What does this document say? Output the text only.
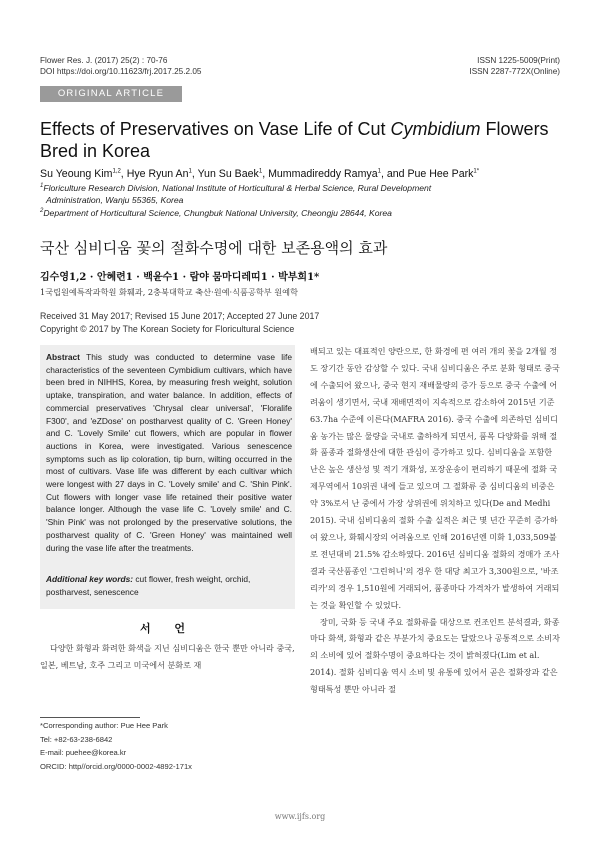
Flower Res. J. (2017) 25(2) : 70-76
DOI https://doi.org/10.11623/frj.2017.25.2.05
ISSN 1225-5009(Print)
ISSN 2287-772X(Online)
ORIGINAL ARTICLE
Effects of Preservatives on Vase Life of Cut Cymbidium Flowers Bred in Korea
Su Yeoung Kim$^{1,2}$, Hye Ryun An$^1$, Yun Su Baek$^1$, Mummadireddy Ramya$^1$, and Pue Hee Park$^{1*}$
$^1$Floriculture Research Division, National Institute of Horticultural & Herbal Science, Rural Development
Administration, Wanju 55365, Korea
$^2$Department of Horticultural Science, Chungbuk National University, Cheongju 28644, Korea
국산 심비디움 꽃의 절화수명에 대한 보존용액의 효과
김수영1,2 · 안혜련1 · 백윤수1 · 람야 뭄마디레띠1 · 박부희1*
1국립원예특작과학원 화훼과, 2충북대학교 축산·원예·식품공학부 원예학
Received 31 May 2017; Revised 15 June 2017; Accepted 27 June 2017
Copyright © 2017 by The Korean Society for Floricultural Science
Abstract This study was conducted to determine vase life characteristics of the seventeen Cymbidium cultivars, which have been bred in NIHHS, Korea, by measuring fresh weight, solution uptake, transpiration, and water balance. In addition, effects of commercial preservatives 'Chrysal clear universal', 'Floralife F300', and 'eZDose' on postharvest quality of C. 'Green Honey' and C. 'Lovely Smile' cut flowers, which are popular in flower auctions in Korea, were investigated. Various senescence symptoms such as lip coloration, tip burn, wilting occurred in the most of cultivars. Vase life was different by each cultivar which were longest with 27 days in C. 'Lovely smile' and C. 'Shin Pink'. Cut flowers with longer vase life retained their positive water balance longer. Although the vase life C. 'Lovely smile' and C. 'Shin Pink' was not prolonged by the preservative solutions, the postharvest quality of C. 'Green Honey' was maintained well during the vase life after the treatments.
Additional key words: cut flower, fresh weight, orchid, postharvest, senescence
서 언
다양한 화형과 화려한 화색을 지닌 심비디움은 한국 뿐만 아니라 중국, 일본, 베트남, 호주 그리고 미국에서 분화로 재
배되고 있는 대표적인 양란으로, 한 화경에 편 여러 개의 꽃을 2개월 정도 장기간 동안 감상할 수 있다. 국내 심비디움은 주로 분화 형태로 중국에 수출되어 왔으나, 중국 현지 재배물량의 증가 등으로 중국 수출에 어려움이 생기면서, 국내 재배면적이 지속적으로 감소하여 2015년 기준 63.7ha 수준에 이른다(MAFRA 2016). 중국 수출에 의존하던 심비디움 농가는 많은 물량을 국내로 출하하게 되면서, 품목 다양화를 위해 절화 품종과 절화생산에 대한 관심이 증가하고 있다. 심비디움을 포함한 난은 높은 생산성 및 적기 개화성, 포장운송이 편리하기 때문에 절화 국제무역에서 10위권 내에 들고 있으며 그 절화류 중 심비디움의 비중은 약 3%로서 난 중에서 가장 상위권에 위치하고 있다(De and Medhi 2015). 국내 심비디움의 절화 수출 실적은 최근 몇 년간 꾸준히 증가하여 왔으나, 화훼시장의 어려움으로 인해 2016년엔 미화 1,033,509불로 전년대비 21.5% 감소하였다. 2016년 심비디움 절화의 경매가 조사 결과 국산품종인 '그린허니'의 경우 한 대당 최고가 3,300원으로, '바조리카'의 경우 1,510원에 거래되어, 품종마다 가격차가 발생하여 거래되는 것을 확인할 수 있었다.
장미, 국화 등 국내 주요 절화류를 대상으로 컨조인트 분석결과, 화종마다 화색, 화형과 같은 부분가치 중요도는 달랐으나 공통적으로 소비자의 소비에 있어 절화수명이 중요하다는 것이 밝혀졌다(Lim et al. 2014). 절화 심비디움 역시 소비 및 유통에 있어서 곧은 절화장과 같은 형태특성 뿐만 아니라 절
*Corresponding author: Pue Hee Park
Tel: +82-63-238-6842
E-mail: puehee@korea.kr
ORCID: http//orcid.org/0000-0002-4892-171x
www.ijfs.org
